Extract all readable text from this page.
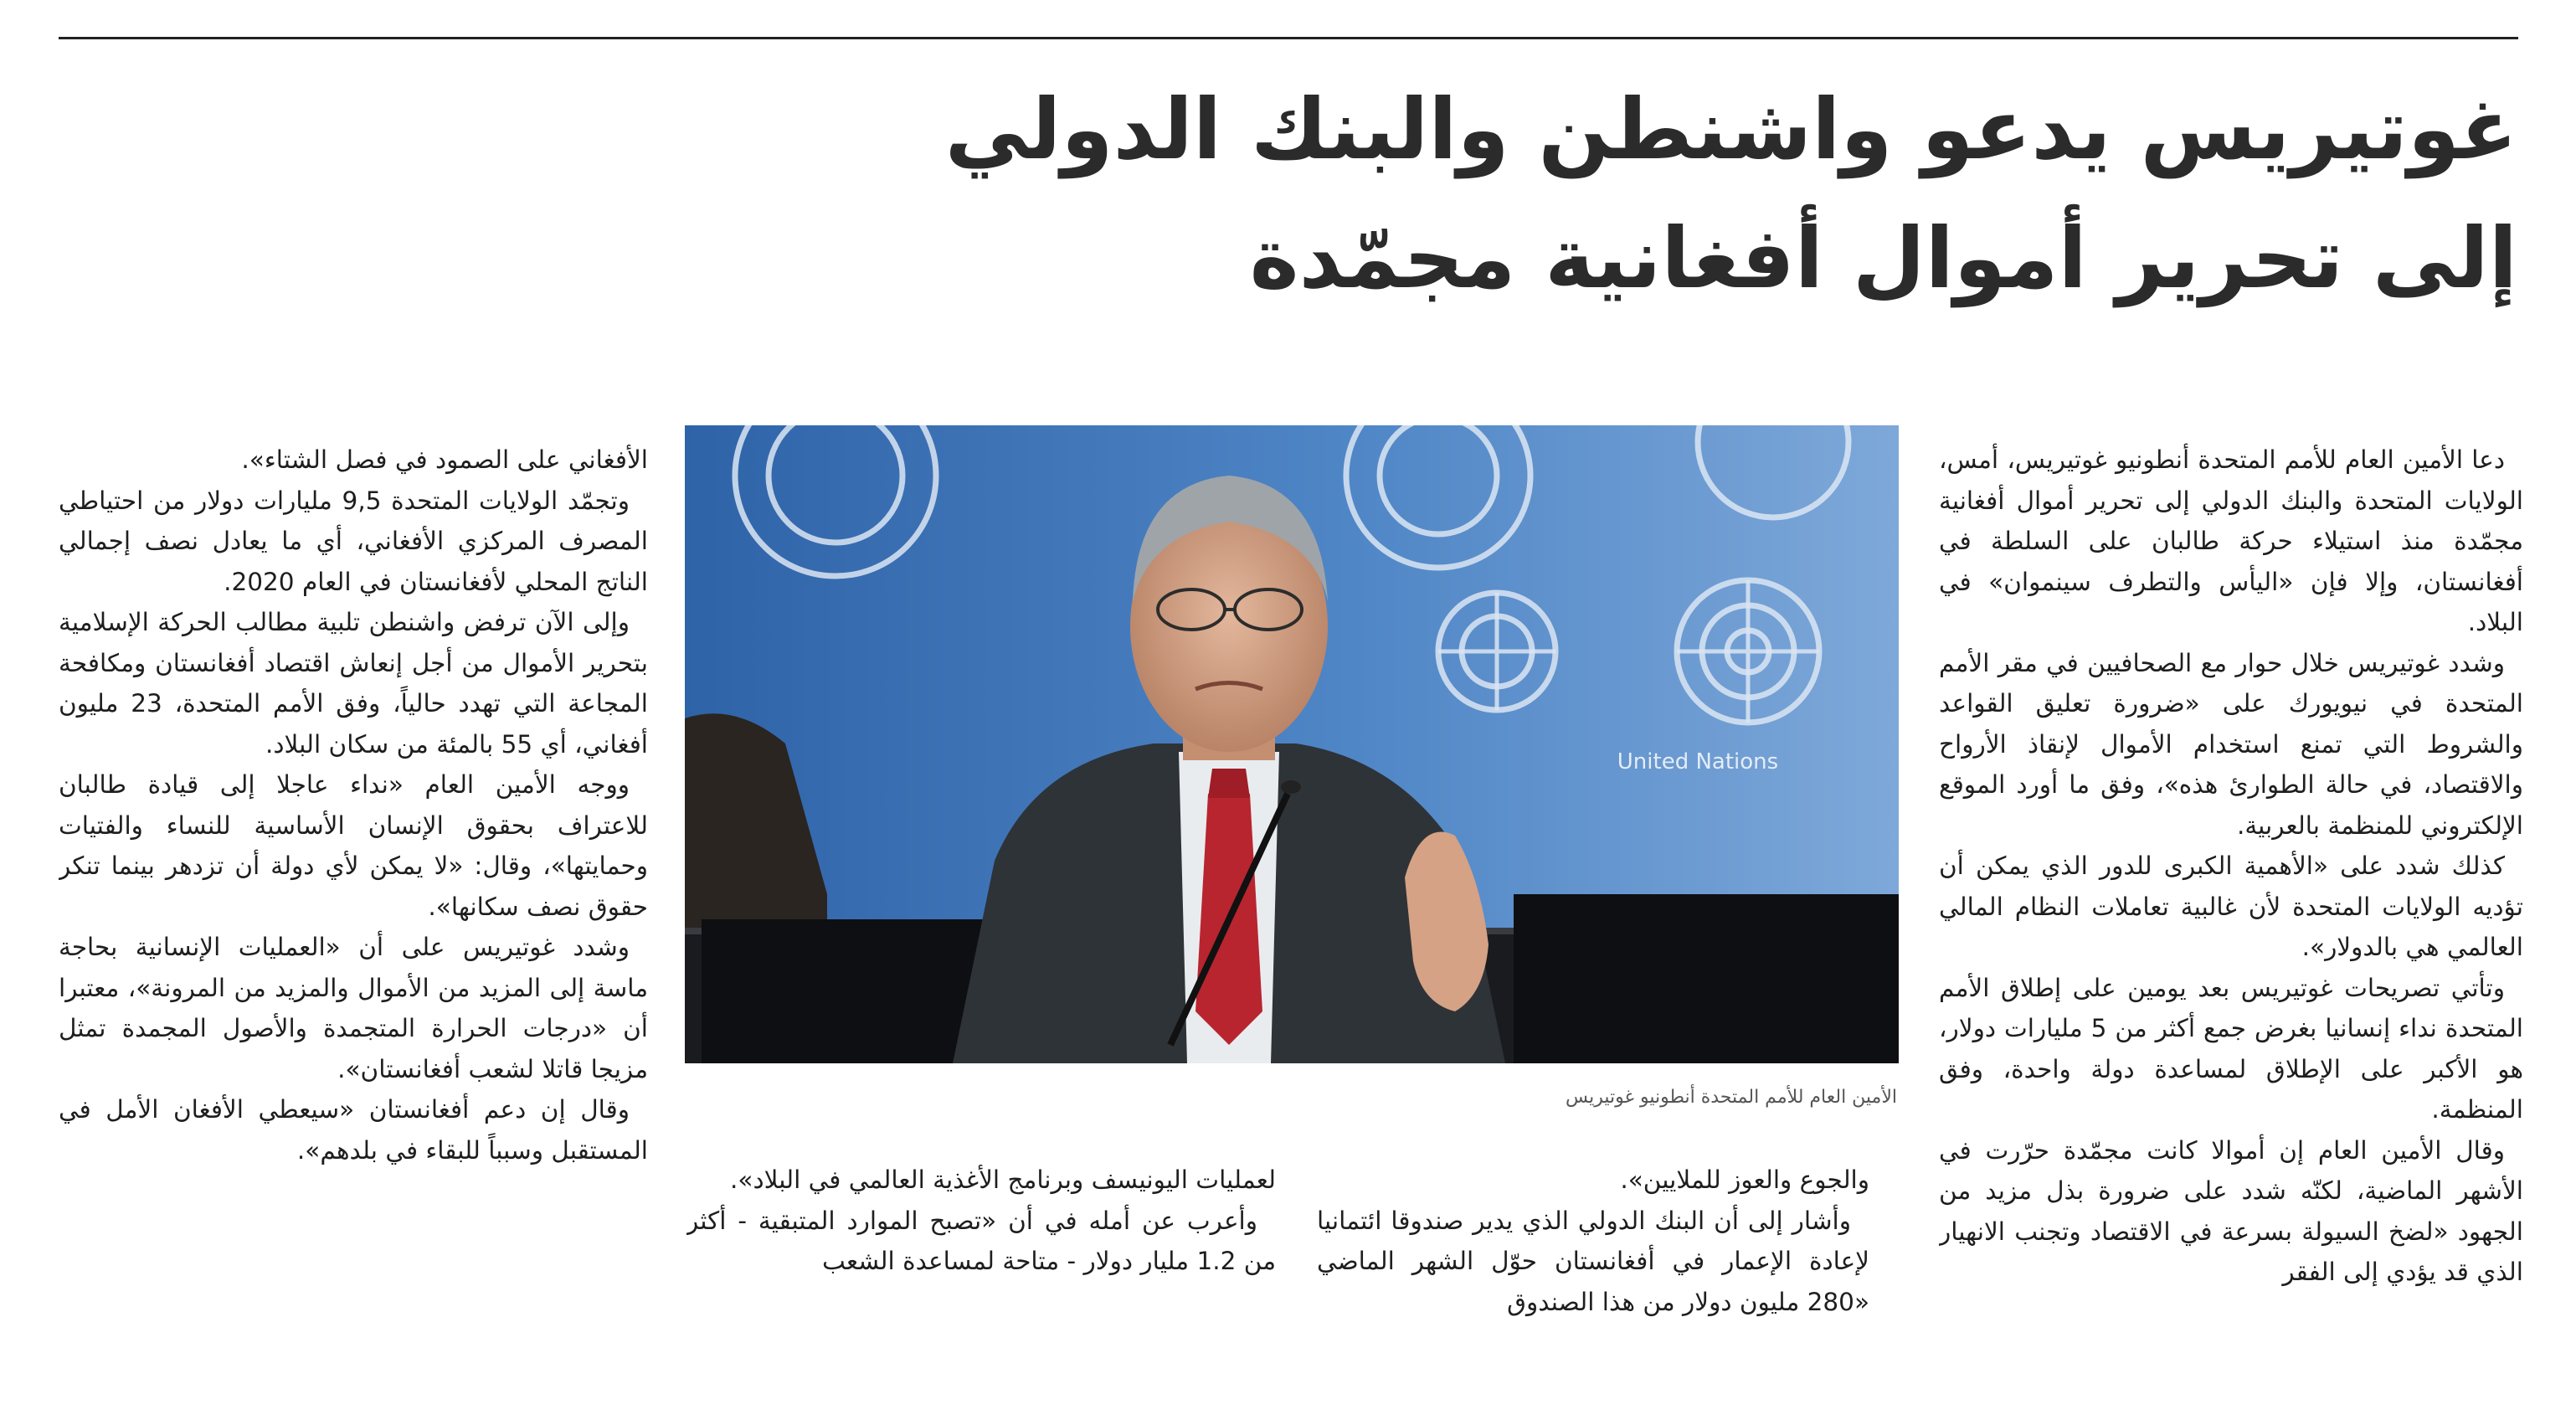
غوتيريس يدعو واشنطن والبنك الدولي
إلى تحرير أموال أفغانية مجمّدة

دعا الأمين العام للأمم المتحدة أنطونيو غوتيريس، أمس، الولايات المتحدة والبنك الدولي إلى تحرير أموال أفغانية مجمّدة منذ استيلاء حركة طالبان على السلطة في أفغانستان، وإلا فإن «اليأس والتطرف سينموان» في البلاد.

وشدد غوتيريس خلال حوار مع الصحافيين في مقر الأمم المتحدة في نيويورك على «ضرورة تعليق القواعد والشروط التي تمنع استخدام الأموال لإنقاذ الأرواح والاقتصاد، في حالة الطوارئ هذه»، وفق ما أورد الموقع الإلكتروني للمنظمة بالعربية.

كذلك شدد على «الأهمية الكبرى للدور الذي يمكن أن تؤديه الولايات المتحدة لأن غالبية تعاملات النظام المالي العالمي هي بالدولار».

وتأتي تصريحات غوتيريس بعد يومين على إطلاق الأمم المتحدة نداء إنسانيا بغرض جمع أكثر من 5 مليارات دولار، هو الأكبر على الإطلاق لمساعدة دولة واحدة، وفق المنظمة.

وقال الأمين العام إن أموالا كانت مجمّدة حرّرت في الأشهر الماضية، لكنّه شدد على ضرورة بذل مزيد من الجهود «لضخ السيولة بسرعة في الاقتصاد وتجنب الانهيار الذي قد يؤدي إلى الفقر

United Nations
الأمين العام للأمم المتحدة أنطونيو غوتيريس

والجوع والعوز للملايين».

وأشار إلى أن البنك الدولي الذي يدير صندوقا ائتمانيا لإعادة الإعمار في أفغانستان حوّل الشهر الماضي «280 مليون دولار من هذا الصندوق

لعمليات اليونيسف وبرنامج الأغذية العالمي في البلاد».

وأعرب عن أمله في أن «تصبح الموارد المتبقية - أكثر من 1.2 مليار دولار - متاحة لمساعدة الشعب

الأفغاني على الصمود في فصل الشتاء».

وتجمّد الولايات المتحدة 9,5 مليارات دولار من احتياطي المصرف المركزي الأفغاني، أي ما يعادل نصف إجمالي الناتج المحلي لأفغانستان في العام 2020.

وإلى الآن ترفض واشنطن تلبية مطالب الحركة الإسلامية بتحرير الأموال من أجل إنعاش اقتصاد أفغانستان ومكافحة المجاعة التي تهدد حالياً، وفق الأمم المتحدة، 23 مليون أفغاني، أي 55 بالمئة من سكان البلاد.

ووجه الأمين العام «نداء عاجلا إلى قيادة طالبان للاعتراف بحقوق الإنسان الأساسية للنساء والفتيات وحمايتها»، وقال: «لا يمكن لأي دولة أن تزدهر بينما تنكر حقوق نصف سكانها».

وشدد غوتيريس على أن «العمليات الإنسانية بحاجة ماسة إلى المزيد من الأموال والمزيد من المرونة»، معتبرا أن «درجات الحرارة المتجمدة والأصول المجمدة تمثل مزيجا قاتلا لشعب أفغانستان».

وقال إن دعم أفغانستان «سيعطي الأفغان الأمل في المستقبل وسبباً للبقاء في بلدهم».
